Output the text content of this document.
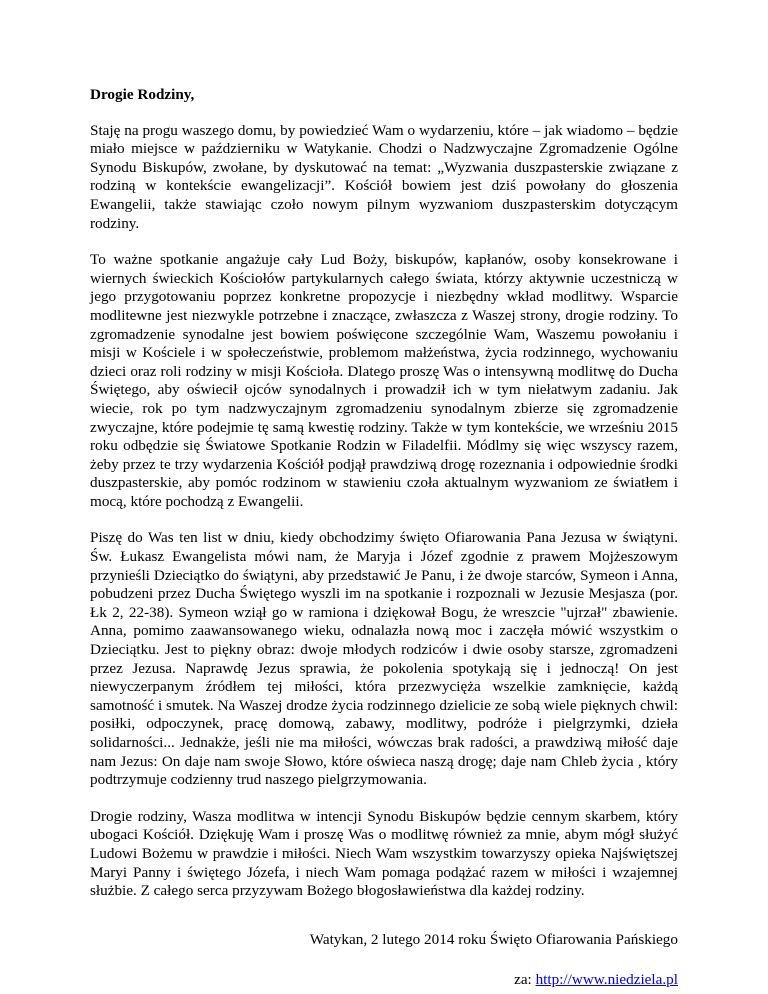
Drogie Rodziny,
Staję na progu waszego domu, by powiedzieć Wam o wydarzeniu, które – jak wiadomo – będzie miało miejsce w październiku w Watykanie. Chodzi o Nadzwyczajne Zgromadzenie Ogólne Synodu Biskupów, zwołane, by dyskutować na temat: „Wyzwania duszpasterskie związane z rodziną w kontekście ewangelizacji”. Kościół bowiem jest dziś powołany do głoszenia Ewangelii, także stawiając czoło nowym pilnym wyzwaniom duszpasterskim dotyczącym rodziny.
To ważne spotkanie angażuje cały Lud Boży, biskupów, kapłanów, osoby konsekrowane i wiernych świeckich Kościołów partykularnych całego świata, którzy aktywnie uczestniczą w jego przygotowaniu poprzez konkretne propozycje i niezbędny wkład modlitwy. Wsparcie modlitewne jest niezwykle potrzebne i znaczące, zwłaszcza z Waszej strony, drogie rodziny. To zgromadzenie synodalne jest bowiem poświęcone szczególnie Wam, Waszemu powołaniu i misji w Kościele i w społeczeństwie, problemom małżeństwa, życia rodzinnego, wychowaniu dzieci oraz roli rodziny w misji Kościoła. Dlatego proszę Was o intensywną modlitwę do Ducha Świętego, aby oświecił ojców synodalnych i prowadził ich w tym niełatwym zadaniu. Jak wiecie, rok po tym nadzwyczajnym zgromadzeniu synodalnym zbierze się zgromadzenie zwyczajne, które podejmie tę samą kwestię rodziny. Także w tym kontekście, we wrześniu 2015 roku odbędzie się Światowe Spotkanie Rodzin w Filadelfii. Módlmy się więc wszyscy razem, żeby przez te trzy wydarzenia Kościół podjął prawdziwą drogę rozeznania i odpowiednie środki duszpasterskie, aby pomóc rodzinom w stawieniu czoła aktualnym wyzwaniom ze światłem i mocą, które pochodzą z Ewangelii.
Piszę do Was ten list w dniu, kiedy obchodzimy święto Ofiarowania Pana Jezusa w świątyni. Św. Łukasz Ewangelista mówi nam, że Maryja i Józef zgodnie z prawem Mojżeszowym przynieśli Dzieciątko do świątyni, aby przedstawić Je Panu, i że dwoje starców, Symeon i Anna, pobudzeni przez Ducha Świętego wyszli im na spotkanie i rozpoznali w Jezusie Mesjasza (por. Łk 2, 22-38). Symeon wziął go w ramiona i dziękował Bogu, że wreszcie "ujrzał" zbawienie. Anna, pomimo zaawansowanego wieku, odnalazła nową moc i zaczęła mówić wszystkim o Dzieciątku. Jest to piękny obraz: dwoje młodych rodziców i dwie osoby starsze, zgromadzeni przez Jezusa. Naprawdę Jezus sprawia, że pokolenia spotykają się i jednoczą! On jest niewyczerpanym źródłem tej miłości, która przezwycięża wszelkie zamknięcie, każdą samotność i smutek. Na Waszej drodze życia rodzinnego dzielicie ze sobą wiele pięknych chwil: posiłki, odpoczynek, pracę domową, zabawy, modlitwy, podróże i pielgrzymki, dzieła solidarności... Jednakże, jeśli nie ma miłości, wówczas brak radości, a prawdziwą miłość daje nam Jezus: On daje nam swoje Słowo, które oświeca naszą drogę; daje nam Chleb życia , który podtrzymuje codzienny trud naszego pielgrzymowania.
Drogie rodziny, Wasza modlitwa w intencji Synodu Biskupów będzie cennym skarbem, który ubogaci Kościół. Dziękuję Wam i proszę Was o modlitwę również za mnie, abym mógł służyć Ludowi Bożemu w prawdzie i miłości. Niech Wam wszystkim towarzyszy opieka Najświętszej Maryi Panny i świętego Józefa, i niech Wam pomaga podążać razem w miłości i wzajemnej służbie. Z całego serca przyzywam Bożego błogosławieństwa dla każdej rodziny.
Watykan, 2 lutego 2014 roku Święto Ofiarowania Pańskiego
za: http://www.niedziela.pl
